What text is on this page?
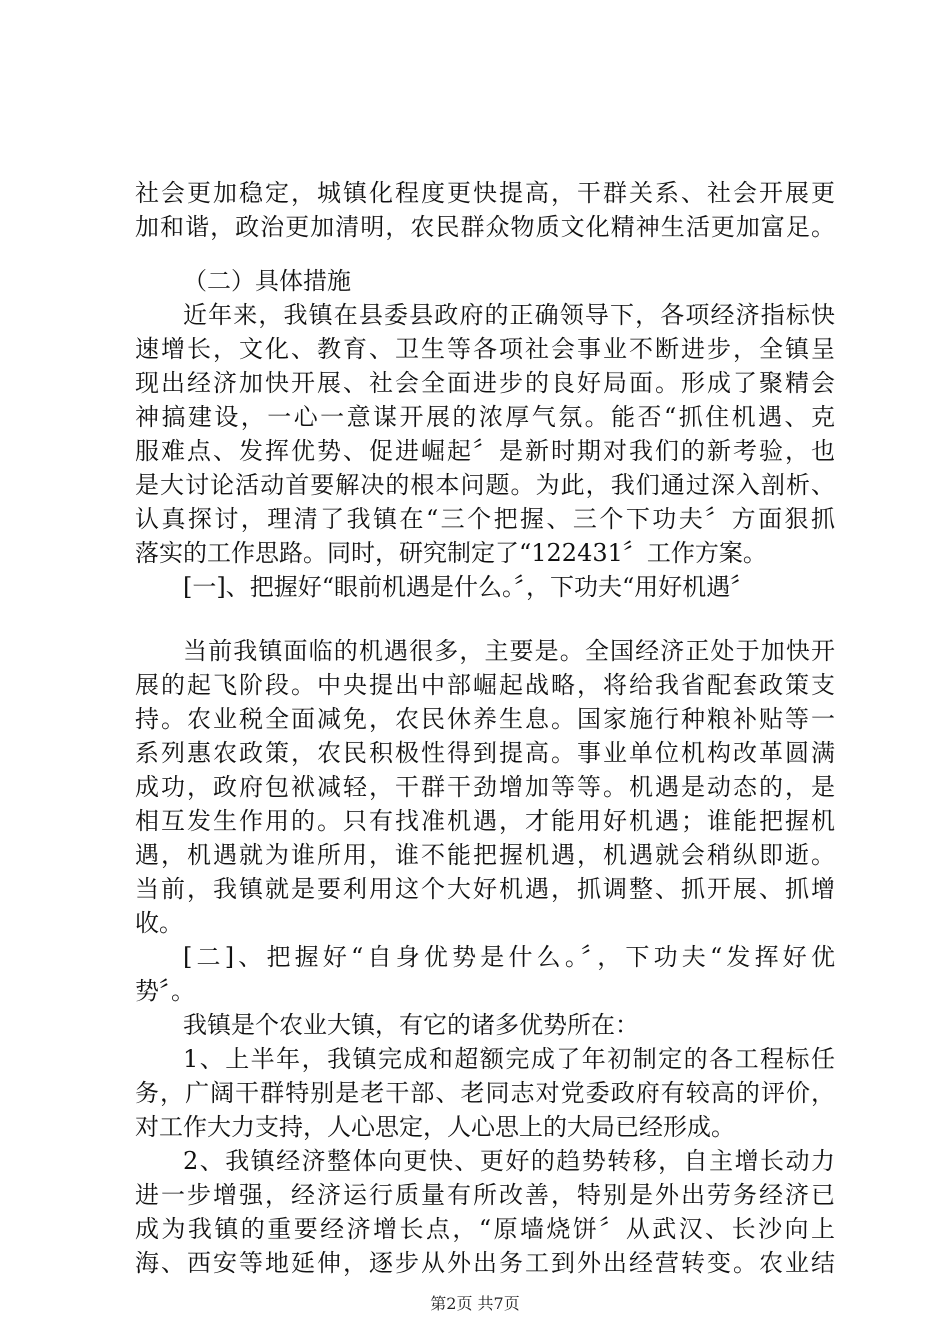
社会更加稳定，城镇化程度更快提高，干群关系、社会开展更
加和谐，政治更加清明，农民群众物质文化精神生活更加富足。
（二）具体措施
近年来，我镇在县委县政府的正确领导下，各项经济指标快
速增长，文化、教育、卫生等各项社会事业不断进步，全镇呈
现出经济加快开展、社会全面进步的良好局面。形成了聚精会
神搞建设，一心一意谋开展的浓厚气氛。能否“抓住机遇、克
服难点、发挥优势、促进崛起〞是新时期对我们的新考验，也
是大讨论活动首要解决的根本问题。为此，我们通过深入剖析、
认真探讨，理清了我镇在“三个把握、三个下功夫〞方面狠抓
落实的工作思路。同时，研究制定了“122431〞工作方案。
[一]、把握好“眼前机遇是什么。〞，下功夫“用好机遇〞
当前我镇面临的机遇很多，主要是。全国经济正处于加快开
展的起飞阶段。中央提出中部崛起战略，将给我省配套政策支
持。农业税全面减免，农民休养生息。国家施行种粮补贴等一
系列惠农政策，农民积极性得到提高。事业单位机构改革圆满
成功，政府包袱减轻，干群干劲增加等等。机遇是动态的，是
相互发生作用的。只有找准机遇，才能用好机遇；谁能把握机
遇，机遇就为谁所用，谁不能把握机遇，机遇就会稍纵即逝。
当前，我镇就是要利用这个大好机遇，抓调整、抓开展、抓增
收。
[二]、把握好“自身优势是什么。〞，下功夫“发挥好优
势〞。
我镇是个农业大镇，有它的诸多优势所在：
1、上半年，我镇完成和超额完成了年初制定的各工程标任
务，广阔干群特别是老干部、老同志对党委政府有较高的评价，
对工作大力支持，人心思定，人心思上的大局已经形成。
2、我镇经济整体向更快、更好的趋势转移，自主增长动力
进一步增强，经济运行质量有所改善，特别是外出劳务经济已
成为我镇的重要经济增长点，“原墙烧饼〞从武汉、长沙向上
海、西安等地延伸，逐步从外出务工到外出经营转变。农业结
第2页 共7页
